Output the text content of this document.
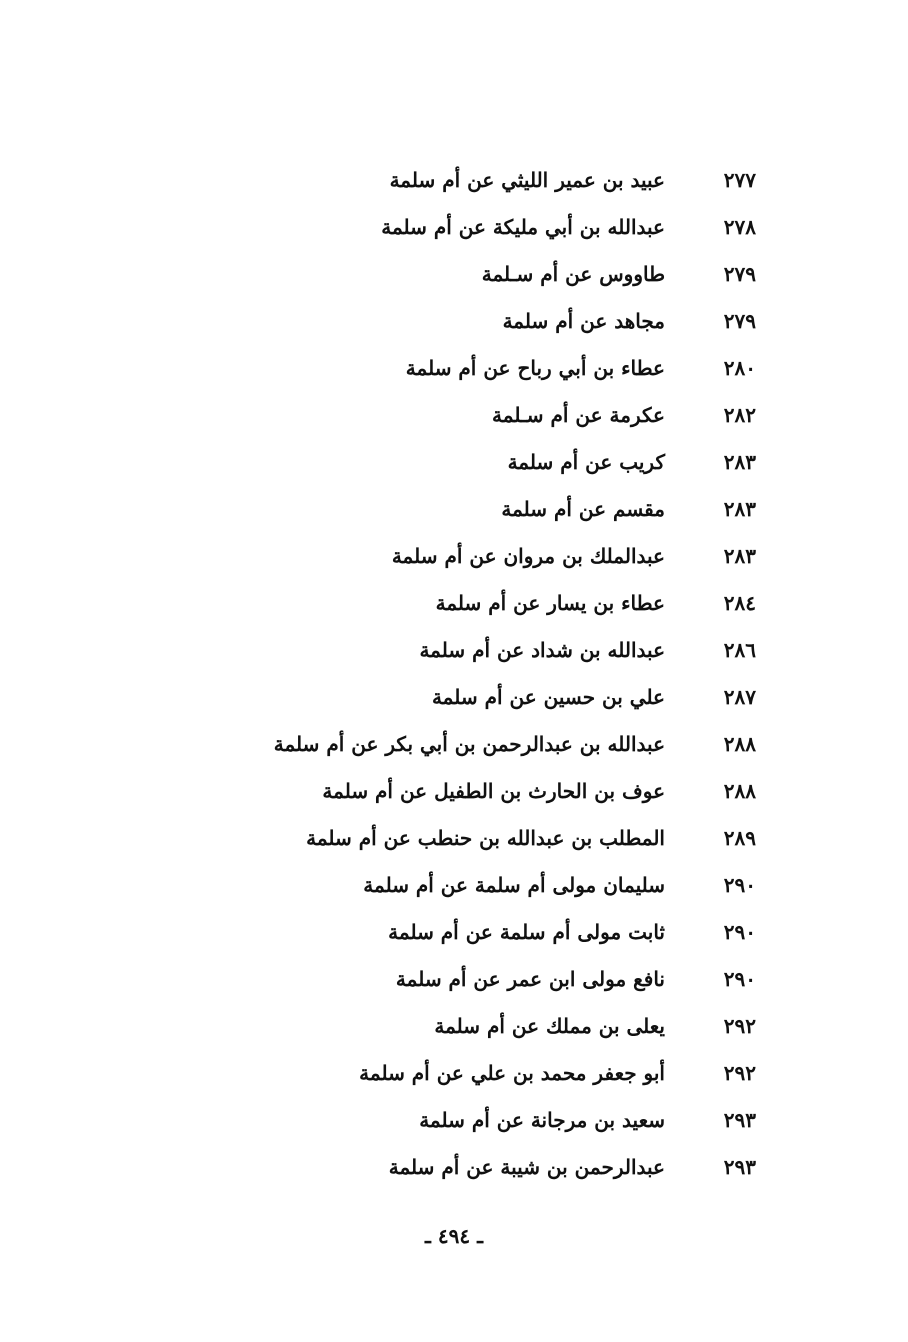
٢٧٧
عبيد بن عمير الليثي عن أم سلمة
٢٧٨
عبدالله بن أبي مليكة عن أم سلمة
٢٧٩
طاووس عن أم سـلمة
٢٧٩
مجاهد عن أم سلمة
٢٨٠
عطاء بن أبي رباح عن أم سلمة
٢٨٢
عكرمة عن أم سـلمة
٢٨٣
كريب عن أم سلمة
٢٨٣
مقسم عن أم سلمة
٢٨٣
عبدالملك بن مروان عن أم سلمة
٢٨٤
عطاء بن يسار عن أم سلمة
٢٨٦
عبدالله بن شداد عن أم سلمة
٢٨٧
علي بن حسين عن أم سلمة
٢٨٨
عبدالله بن عبدالرحمن بن أبي بكر عن أم سلمة
٢٨٨
عوف بن الحارث بن الطفيل عن أم سلمة
٢٨٩
المطلب بن عبدالله بن حنطب عن أم سلمة
٢٩٠
سليمان مولى أم سلمة عن أم سلمة
٢٩٠
ثابت مولى أم سلمة عن أم سلمة
٢٩٠
نافع مولى ابن عمر عن أم سلمة
٢٩٢
يعلى بن مملك عن أم سلمة
٢٩٢
أبو جعفر محمد بن علي عن أم سلمة
٢٩٣
سعيد بن مرجانة عن أم سلمة
٢٩٣
عبدالرحمن بن شيبة عن أم سلمة
ـ ٤٩٤ ـ
